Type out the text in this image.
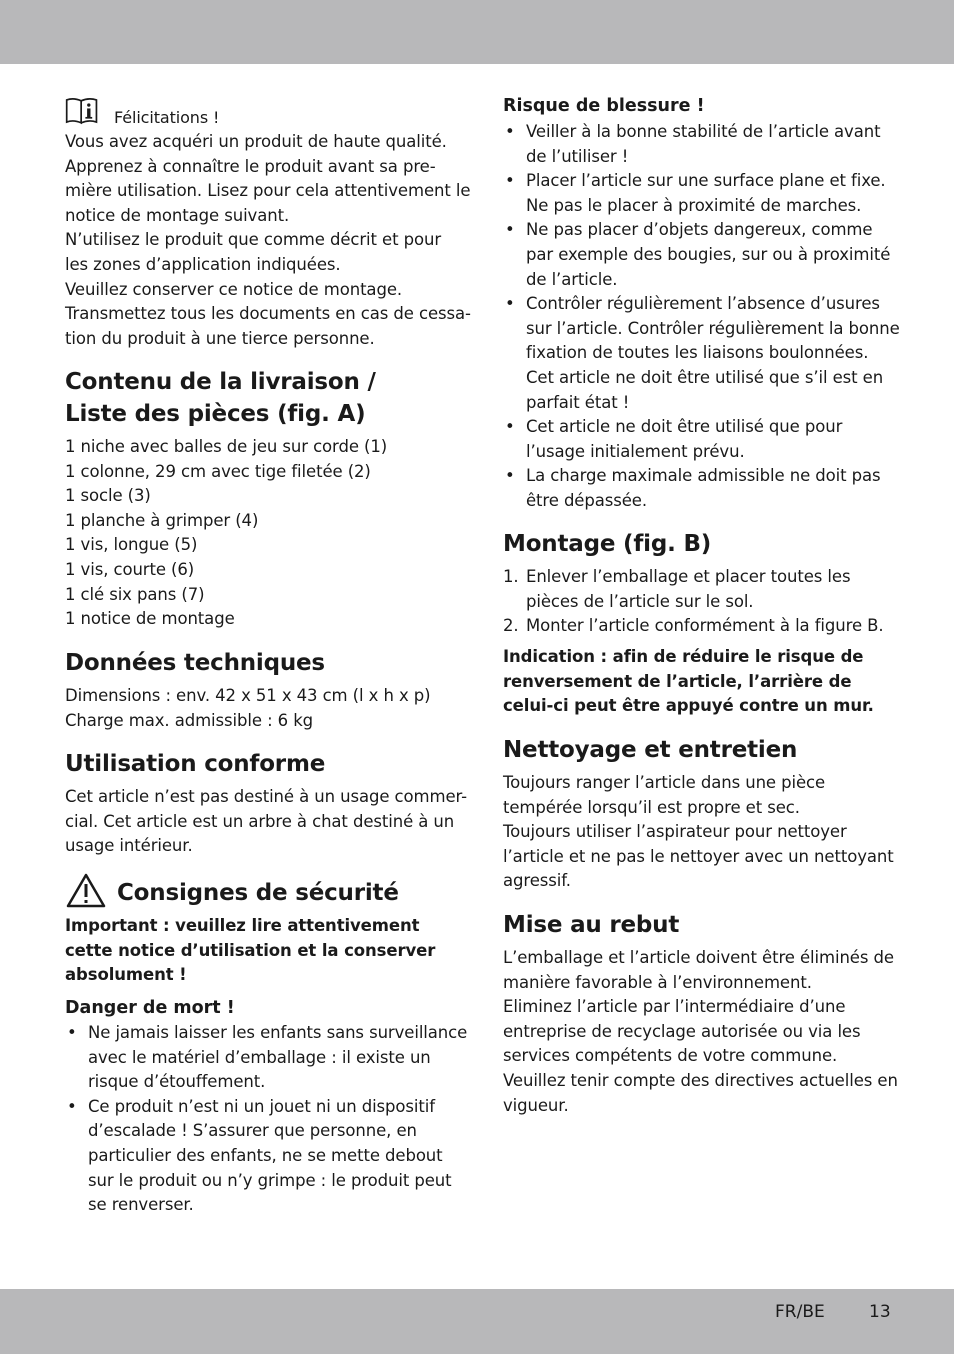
Félicitations !

Vous avez acquéri un produit de haute qualité.
Apprenez à connaître le produit avant sa pre-
mière utilisation. Lisez pour cela attentivement le
notice de montage suivant.
N’utilisez le produit que comme décrit et pour
les zones d’application indiquées.
Veuillez conserver ce notice de montage.
Transmettez tous les documents en cas de cessa-
tion du produit à une tierce personne.

Contenu de la livraison /
Liste des pièces (fig. A)

1 niche avec balles de jeu sur corde (1)
1 colonne, 29 cm avec tige filetée (2)
1 socle (3)
1 planche à grimper (4)
1 vis, longue (5)
1 vis, courte (6)
1 clé six pans (7)
1 notice de montage

Données techniques

Dimensions : env. 42 x 51 x 43 cm (l x h x p)
Charge max. admissible : 6 kg

Utilisation conforme

Cet article n’est pas destiné à un usage commer-
cial. Cet article est un arbre à chat destiné à un
usage intérieur.

Consignes de sécurité

Important : veuillez lire attentivement
cette notice d’utilisation et la conserver
absolument !

Danger de mort !
• Ne jamais laisser les enfants sans surveillance
avec le matériel d’emballage : il existe un
risque d’étouffement.
• Ce produit n’est ni un jouet ni un dispositif
d’escalade ! S’assurer que personne, en
particulier des enfants, ne se mette debout
sur le produit ou n’y grimpe : le produit peut
se renverser.
Risque de blessure !
• Veiller à la bonne stabilité de l’article avant
de l’utiliser !
• Placer l’article sur une surface plane et fixe.
Ne pas le placer à proximité de marches.
• Ne pas placer d’objets dangereux, comme
par exemple des bougies, sur ou à proximité
de l’article.
• Contrôler régulièrement l’absence d’usures
sur l’article. Contrôler régulièrement la bonne
fixation de toutes les liaisons boulonnées.
Cet article ne doit être utilisé que s’il est en
parfait état !
• Cet article ne doit être utilisé que pour
l’usage initialement prévu.
• La charge maximale admissible ne doit pas
être dépassée.
Montage (fig. B)
1. Enlever l’emballage et placer toutes les
pièces de l’article sur le sol.
2. Monter l’article conformément à la figure B.

Indication : afin de réduire le risque de
renversement de l’article, l’arrière de
celui-ci peut être appuyé contre un mur.

Nettoyage et entretien

Toujours ranger l’article dans une pièce
tempérée lorsqu’il est propre et sec.
Toujours utiliser l’aspirateur pour nettoyer
l’article et ne pas le nettoyer avec un nettoyant
agressif.

Mise au rebut

L’emballage et l’article doivent être éliminés de
manière favorable à l’environnement.
Eliminez l’article par l’intermédiaire d’une
entreprise de recyclage autorisée ou via les
services compétents de votre commune.
Veuillez tenir compte des directives actuelles en
vigueur.

FR/BE	13
